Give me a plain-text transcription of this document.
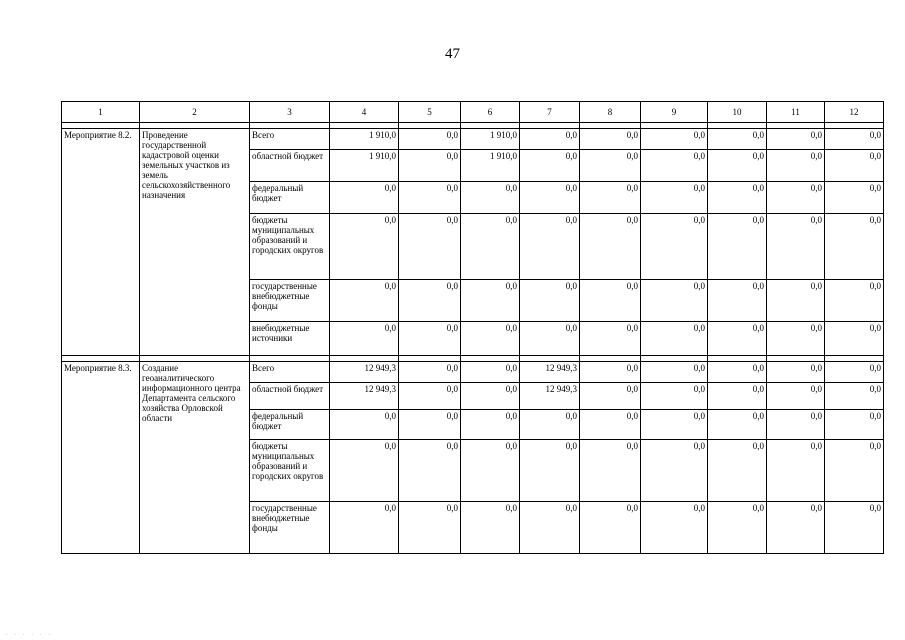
47
1	2	3	4	5	6	7	8	9	10	11	12

Мероприятие 8.2.	Проведение государственной кадастровой оценки земельных участков из земель сельскохозяйственного назначения	Всего	1 910,0	0,0	1 910,0	0,0	0,0	0,0	0,0	0,0	0,0
		областной бюджет	1 910,0	0,0	1 910,0	0,0	0,0	0,0	0,0	0,0	0,0
		федеральный бюджет	0,0	0,0	0,0	0,0	0,0	0,0	0,0	0,0	0,0
		бюджеты муниципальных образований и городских округов	0,0	0,0	0,0	0,0	0,0	0,0	0,0	0,0	0,0
		государственные внебюджетные фонды	0,0	0,0	0,0	0,0	0,0	0,0	0,0	0,0	0,0
		внебюджетные источники	0,0	0,0	0,0	0,0	0,0	0,0	0,0	0,0	0,0

Мероприятие 8.3.	Создание геоаналитического информационного центра Департамента сельского хозяйства Орловской области	Всего	12 949,3	0,0	0,0	12 949,3	0,0	0,0	0,0	0,0	0,0
		областной бюджет	12 949,3	0,0	0,0	12 949,3	0,0	0,0	0,0	0,0	0,0
		федеральный бюджет	0,0	0,0	0,0	0,0	0,0	0,0	0,0	0,0	0,0
		бюджеты муниципальных образований и городских округов	0,0	0,0	0,0	0,0	0,0	0,0	0,0	0,0	0,0
		государственные внебюджетные фонды	0,0	0,0	0,0	0,0	0,0	0,0	0,0	0,0	0,0
. . . . . .
